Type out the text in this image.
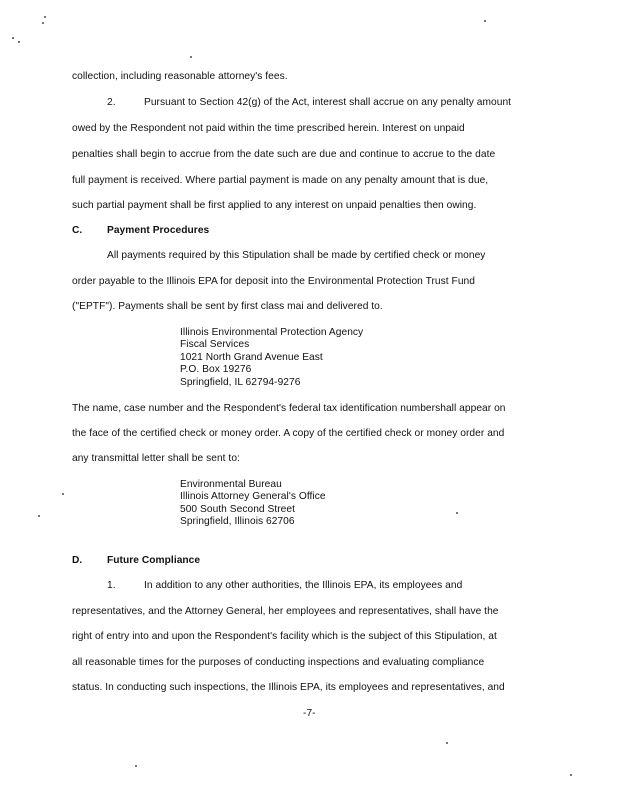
collection, including reasonable attorney's fees.

2.	Pursuant to Section 42(g) of the Act, interest shall accrue on any penalty amount

owed by the Respondent not paid within the time prescribed herein. Interest on unpaid

penalties shall begin to accrue from the date such are due and continue to accrue to the date

full payment is received. Where partial payment is made on any penalty amount that is due,

such partial payment shall be first applied to any interest on unpaid penalties then owing.

C. Payment Procedures

All payments required by this Stipulation shall be made by certified check or money

order payable to the Illinois EPA for deposit into the Environmental Protection Trust Fund

("EPTF"). Payments shall be sent by first class mai and delivered to.

Illinois Environmental Protection Agency

Fiscal Services

1021 North Grand Avenue East

P.O. Box 19276

Springfield, IL 62794-9276

The name, case number and the Respondent's federal tax identification numbershall appear on

the face of the certified check or money order. A copy of the certified check or money order and

any transmittal letter shall be sent to:

Environmental Bureau

Illinois Attorney General's Office

500 South Second Street

Springfield, Illinois 62706

D. Future Compliance

1.	In addition to any other authorities, the Illinois EPA, its employees and

representatives, and the Attorney General, her employees and representatives, shall have the

right of entry into and upon the Respondent's facility which is the subject of this Stipulation, at

all reasonable times for the purposes of conducting inspections and evaluating compliance

status. In conducting such inspections, the Illinois EPA, its employees and representatives, and

-7-
